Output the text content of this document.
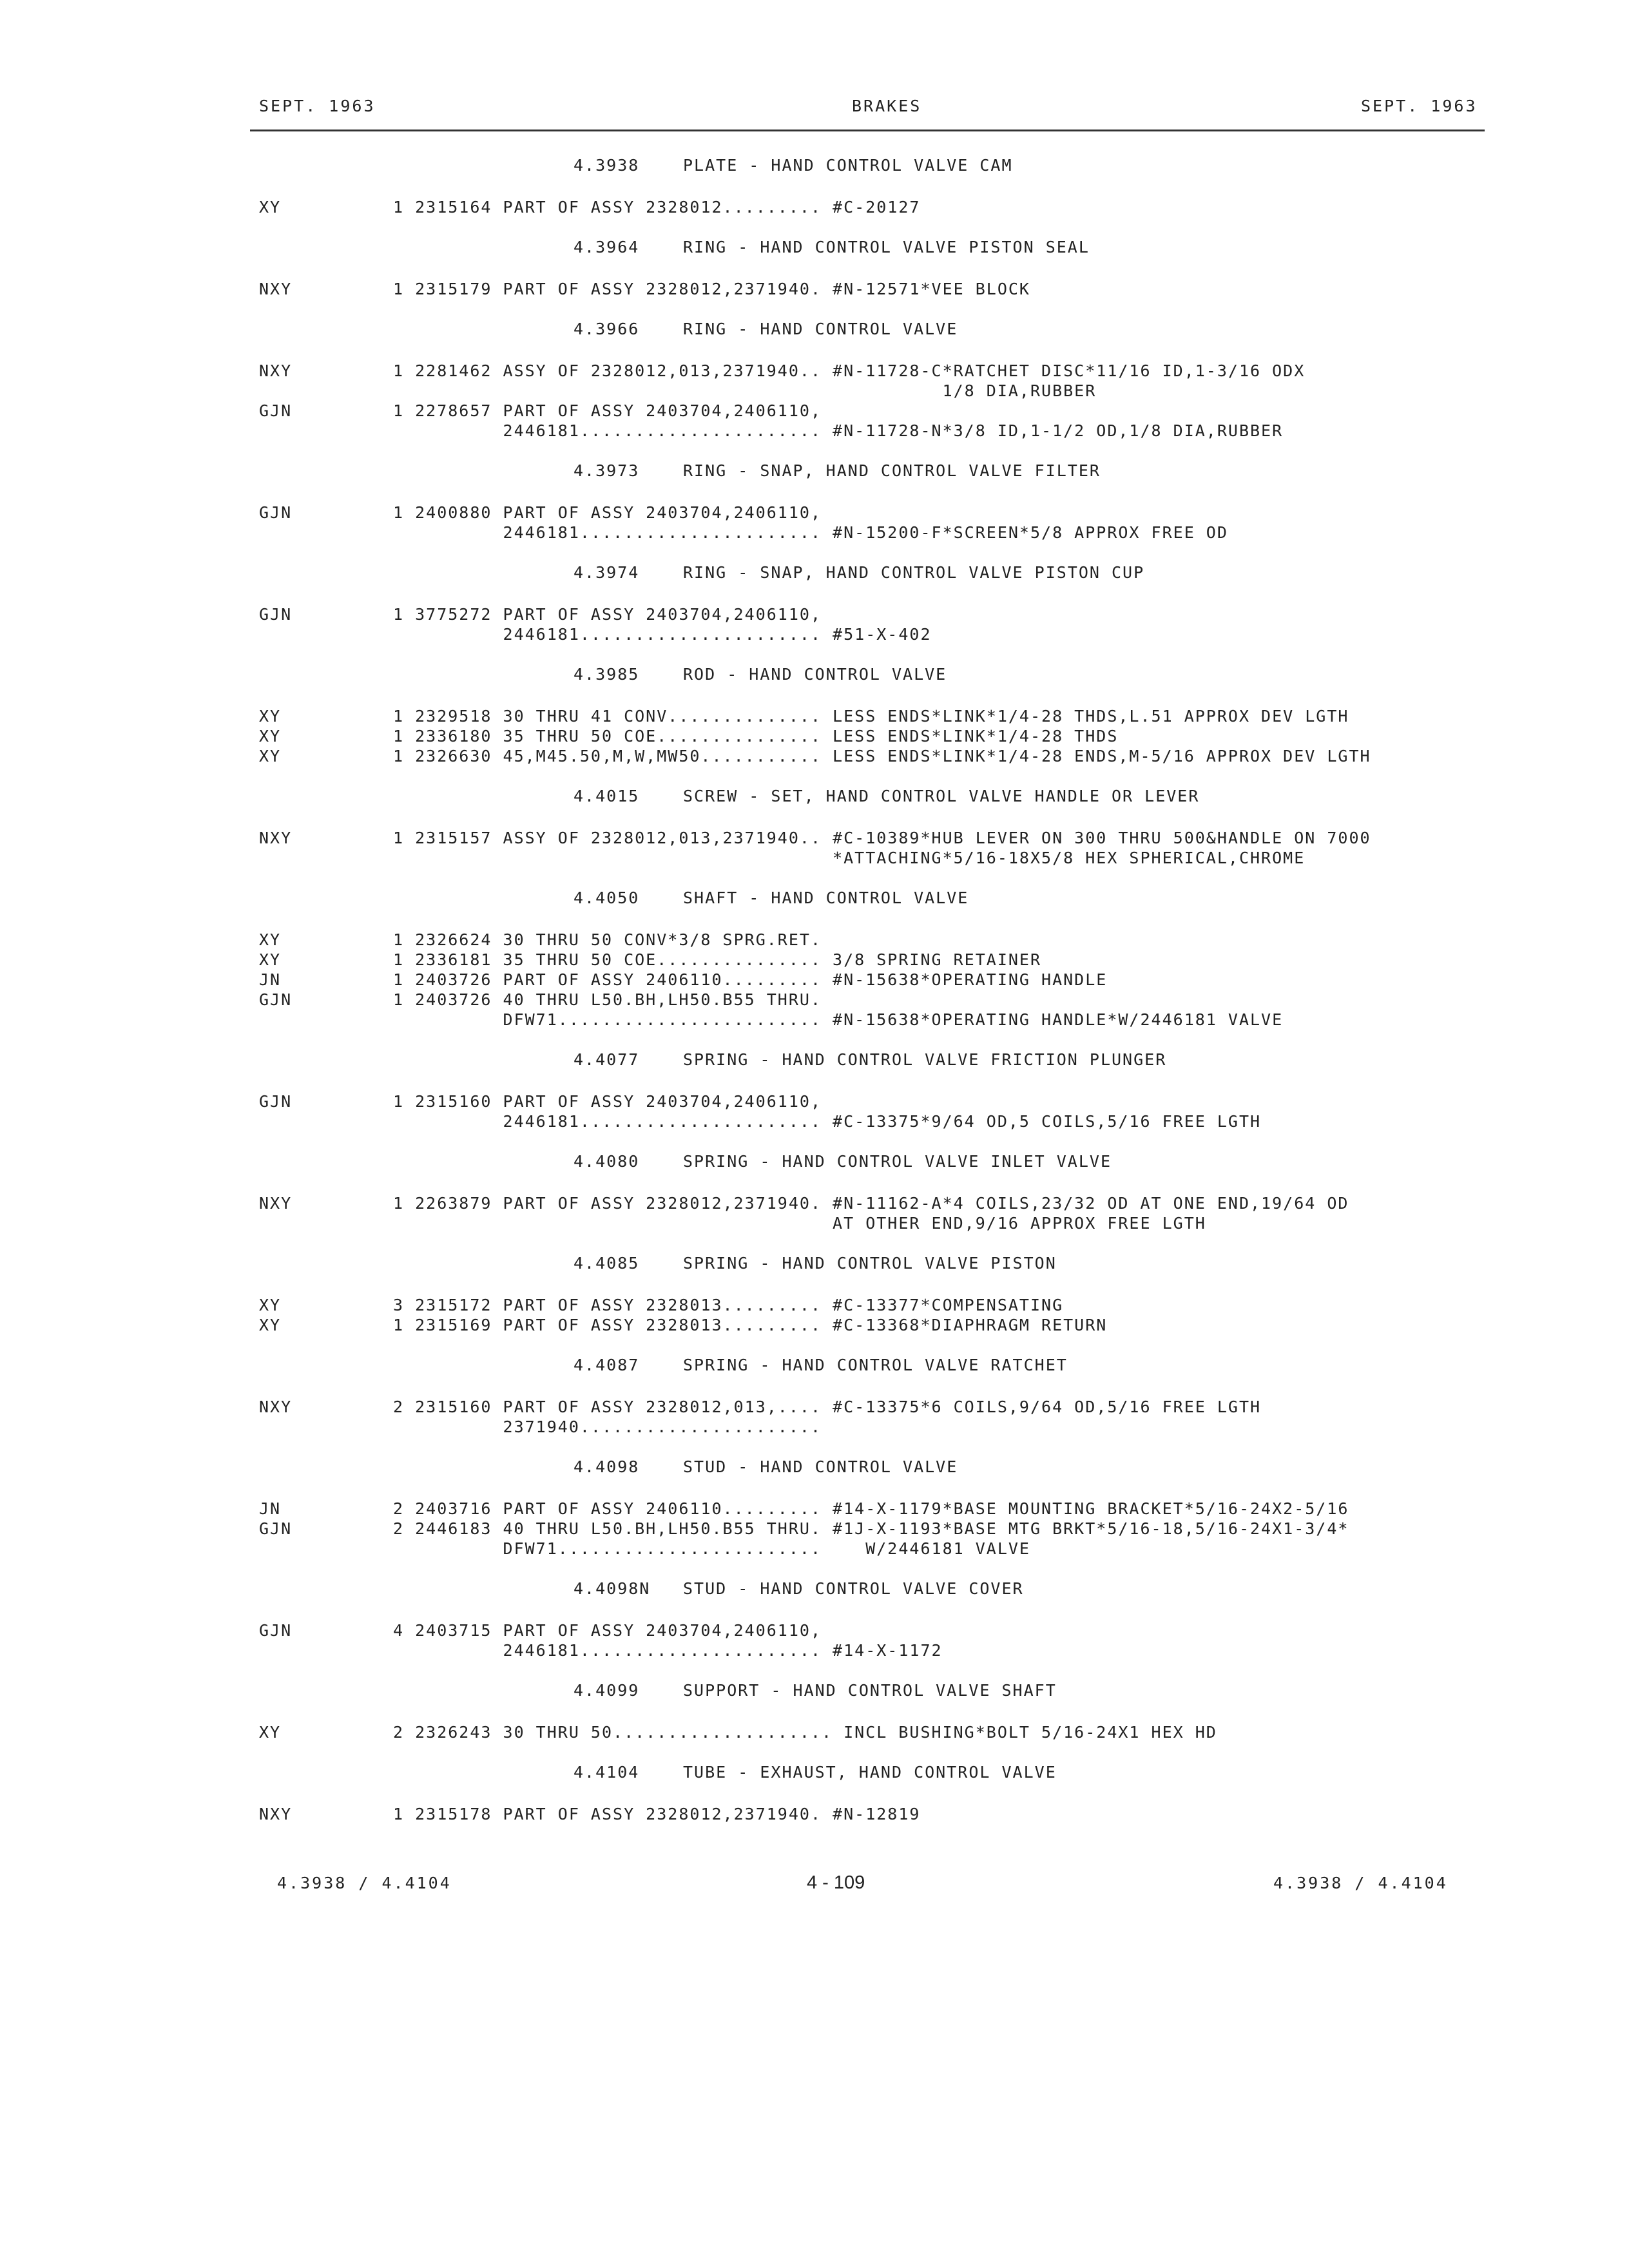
SEPT. 1963	BRAKES	SEPT. 1963
4.3938	PLATE - HAND CONTROL VALVE CAM
XY	1 2315164 PART OF ASSY 2328012......... #C-20127
4.3964	RING - HAND CONTROL VALVE PISTON SEAL
NXY	1 2315179 PART OF ASSY 2328012,2371940. #N-12571*VEE BLOCK
4.3966	RING - HAND CONTROL VALVE
NXY	1 2281462 ASSY OF 2328012,013,2371940.. #N-11728-C*RATCHET DISC*11/16 ID,1-3/16 ODX
1/8 DIA,RUBBER
GJN	1 2278657 PART OF ASSY 2403704,2406110,
2446181...................... #N-11728-N*3/8 ID,1-1/2 OD,1/8 DIA,RUBBER
4.3973	RING - SNAP, HAND CONTROL VALVE FILTER
GJN	1 2400880 PART OF ASSY 2403704,2406110,
2446181...................... #N-15200-F*SCREEN*5/8 APPROX FREE OD
4.3974	RING - SNAP, HAND CONTROL VALVE PISTON CUP
GJN	1 3775272 PART OF ASSY 2403704,2406110,
2446181...................... #51-X-402
4.3985	ROD - HAND CONTROL VALVE
XY	1 2329518 30 THRU 41 CONV.............. LESS ENDS*LINK*1/4-28 THDS,L.51 APPROX DEV LGTH
XY	1 2336180 35 THRU 50 COE............... LESS ENDS*LINK*1/4-28 THDS
XY	1 2326630 45,M45.50,M,W,MW50........... LESS ENDS*LINK*1/4-28 ENDS,M-5/16 APPROX DEV LGTH
4.4015	SCREW - SET, HAND CONTROL VALVE HANDLE OR LEVER
NXY	1 2315157 ASSY OF 2328012,013,2371940.. #C-10389*HUB LEVER ON 300 THRU 500&HANDLE ON 7000
*ATTACHING*5/16-18X5/8 HEX SPHERICAL,CHROME
4.4050	SHAFT - HAND CONTROL VALVE
XY	1 2326624 30 THRU 50 CONV*3/8 SPRG.RET.
XY	1 2336181 35 THRU 50 COE............... 3/8 SPRING RETAINER
JN	1 2403726 PART OF ASSY 2406110......... #N-15638*OPERATING HANDLE
GJN	1 2403726 40 THRU L50.BH,LH50.B55 THRU.
DFW71........................ #N-15638*OPERATING HANDLE*W/2446181 VALVE
4.4077	SPRING - HAND CONTROL VALVE FRICTION PLUNGER
GJN	1 2315160 PART OF ASSY 2403704,2406110,
2446181...................... #C-13375*9/64 OD,5 COILS,5/16 FREE LGTH
4.4080	SPRING - HAND CONTROL VALVE INLET VALVE
NXY	1 2263879 PART OF ASSY 2328012,2371940. #N-11162-A*4 COILS,23/32 OD AT ONE END,19/64 OD
AT OTHER END,9/16 APPROX FREE LGTH
4.4085	SPRING - HAND CONTROL VALVE PISTON
XY	3 2315172 PART OF ASSY 2328013......... #C-13377*COMPENSATING
XY	1 2315169 PART OF ASSY 2328013......... #C-13368*DIAPHRAGM RETURN
4.4087	SPRING - HAND CONTROL VALVE RATCHET
NXY	2 2315160 PART OF ASSY 2328012,013,.... #C-13375*6 COILS,9/64 OD,5/16 FREE LGTH
2371940......................
4.4098	STUD - HAND CONTROL VALVE
JN	2 2403716 PART OF ASSY 2406110......... #14-X-1179*BASE MOUNTING BRACKET*5/16-24X2-5/16
GJN	2 2446183 40 THRU L50.BH,LH50.B55 THRU. #1J-X-1193*BASE MTG BRKT*5/16-18,5/16-24X1-3/4*
DFW71........................    W/2446181 VALVE
4.4098N STUD - HAND CONTROL VALVE COVER
GJN	4 2403715 PART OF ASSY 2403704,2406110,
2446181...................... #14-X-1172
4.4099	SUPPORT - HAND CONTROL VALVE SHAFT
XY	2 2326243 30 THRU 50.................... INCL BUSHING*BOLT 5/16-24X1 HEX HD
4.4104	TUBE - EXHAUST, HAND CONTROL VALVE
NXY	1 2315178 PART OF ASSY 2328012,2371940. #N-12819
4.3938 / 4.4104	4 - 109	4.3938 / 4.4104
